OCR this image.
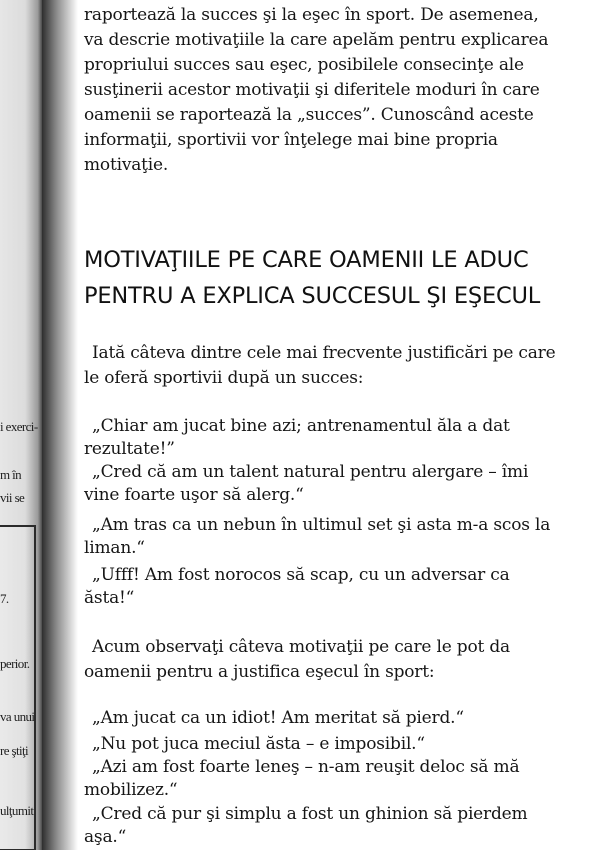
i exerci-
m în
vii se
7.
perior.
va unui
re ştiţi
ulţumit

raportează la succes şi la eşec în sport. De asemenea,
va descrie motivaţiile la care apelăm pentru explicarea
propriului succes sau eşec, posibilele consecinţe ale
susţinerii acestor motivaţii şi diferitele moduri în care
oamenii se raportează la „succes”. Cunoscând aceste
informaţii, sportivii vor înţelege mai bine propria
motivaţie.

MOTIVAŢIILE PE CARE OAMENII LE ADUC
PENTRU A EXPLICA SUCCESUL ŞI EŞECUL

Iată câteva dintre cele mai frecvente justificări pe care
le oferă sportivii după un succes:

„Chiar am jucat bine azi; antrenamentul ăla a dat
rezultate!”

„Cred că am un talent natural pentru alergare – îmi
vine foarte uşor să alerg.“

„Am tras ca un nebun în ultimul set şi asta m-a scos la
liman.“

„Ufff! Am fost norocos să scap, cu un adversar ca
ăsta!“

Acum observaţi câteva motivaţii pe care le pot da
oamenii pentru a justifica eşecul în sport:

„Am jucat ca un idiot! Am meritat să pierd.“

„Nu pot juca meciul ăsta – e imposibil.“

„Azi am fost foarte leneş – n-am reuşit deloc să mă
mobilizez.“

„Cred că pur şi simplu a fost un ghinion să pierdem
aşa.“
